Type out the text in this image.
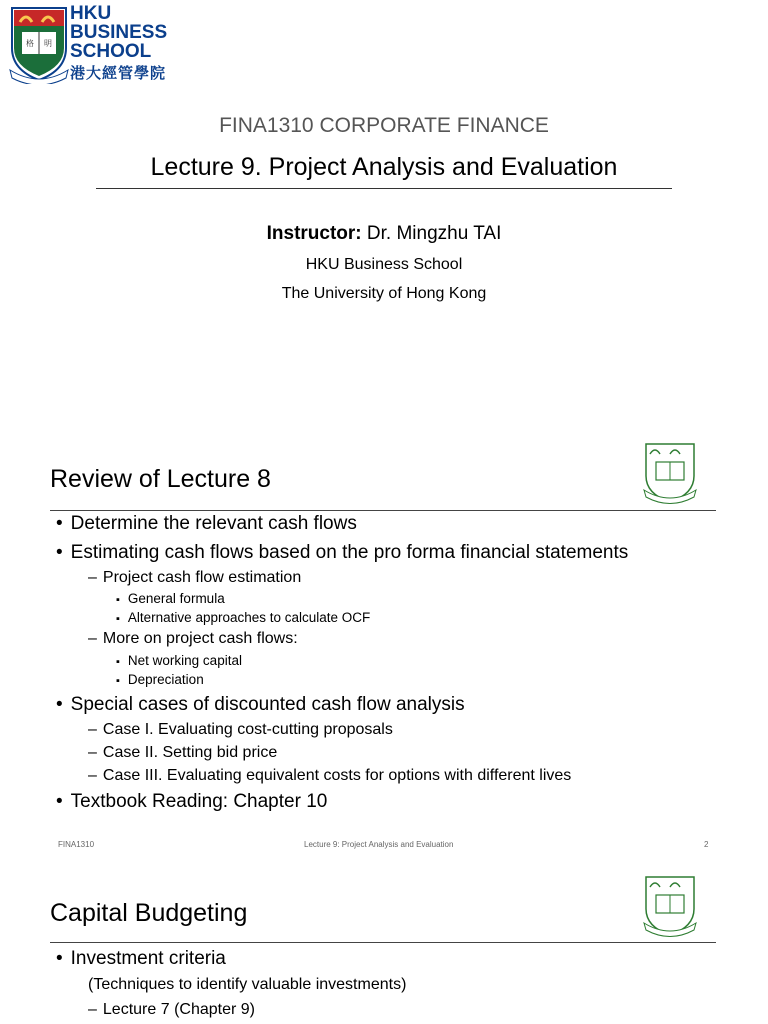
格 明
HKU
BUSINESS
SCHOOL
港大經管學院
FINA1310 CORPORATE FINANCE
Lecture 9. Project Analysis and Evaluation
Instructor: Dr. Mingzhu TAI
HKU Business School
The University of Hong Kong
Review of Lecture 8
• Determine the relevant cash flows
• Estimating cash flows based on the pro forma financial statements
– Project cash flow estimation
▪ General formula
▪ Alternative approaches to calculate OCF
– More on project cash flows:
▪ Net working capital
▪ Depreciation
• Special cases of discounted cash flow analysis
– Case I. Evaluating cost-cutting proposals
– Case II. Setting bid price
– Case III. Evaluating equivalent costs for options with different lives
• Textbook Reading: Chapter 10
FINA1310	Lecture 9: Project Analysis and Evaluation	2
Capital Budgeting
• Investment criteria
(Techniques to identify valuable investments)
– Lecture 7 (Chapter 9)
